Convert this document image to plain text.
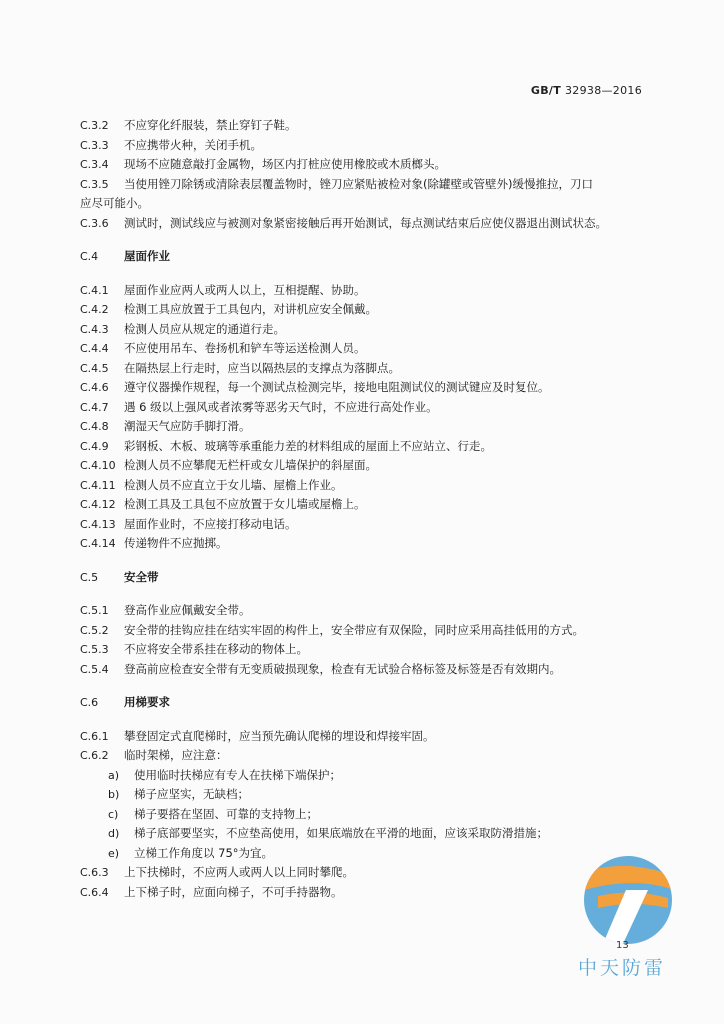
GB/T 32938—2016
C.3.2 不应穿化纤服装，禁止穿钉子鞋。
C.3.3 不应携带火种，关闭手机。
C.3.4 现场不应随意敲打金属物，场区内打桩应使用橡胶或木质榔头。
C.3.5 当使用锉刀除锈或清除表层覆盖物时，锉刀应紧贴被检对象(除罐壁或管壁外)缓慢推拉，刀口
应尽可能小。
C.3.6 测试时，测试线应与被测对象紧密接触后再开始测试，每点测试结束后应使仪器退出测试状态。
C.4 屋面作业
C.4.1 屋面作业应两人或两人以上，互相提醒、协助。
C.4.2 检测工具应放置于工具包内，对讲机应安全佩戴。
C.4.3 检测人员应从规定的通道行走。
C.4.4 不应使用吊车、卷扬机和铲车等运送检测人员。
C.4.5 在隔热层上行走时，应当以隔热层的支撑点为落脚点。
C.4.6 遵守仪器操作规程，每一个测试点检测完毕，接地电阻测试仪的测试键应及时复位。
C.4.7 遇 6 级以上强风或者浓雾等恶劣天气时，不应进行高处作业。
C.4.8 潮湿天气应防手脚打滑。
C.4.9 彩钢板、木板、玻璃等承重能力差的材料组成的屋面上不应站立、行走。
C.4.10 检测人员不应攀爬无栏杆或女儿墙保护的斜屋面。
C.4.11 检测人员不应直立于女儿墙、屋檐上作业。
C.4.12 检测工具及工具包不应放置于女儿墙或屋檐上。
C.4.13 屋面作业时，不应接打移动电话。
C.4.14 传递物件不应抛掷。
C.5 安全带
C.5.1 登高作业应佩戴安全带。
C.5.2 安全带的挂钩应挂在结实牢固的构件上，安全带应有双保险，同时应采用高挂低用的方式。
C.5.3 不应将安全带系挂在移动的物体上。
C.5.4 登高前应检查安全带有无变质破损现象，检查有无试验合格标签及标签是否有效期内。
C.6 用梯要求
C.6.1 攀登固定式直爬梯时，应当预先确认爬梯的埋设和焊接牢固。
C.6.2 临时架梯，应注意：
a) 使用临时扶梯应有专人在扶梯下端保护；
b) 梯子应坚实，无缺档；
c) 梯子要搭在坚固、可靠的支持物上；
d) 梯子底部要坚实，不应垫高使用，如果底端放在平滑的地面，应该采取防滑措施；
e) 立梯工作角度以 75°为宜。
C.6.3 上下扶梯时，不应两人或两人以上同时攀爬。
C.6.4 上下梯子时，应面向梯子，不可手持器物。
13
中天防雷
